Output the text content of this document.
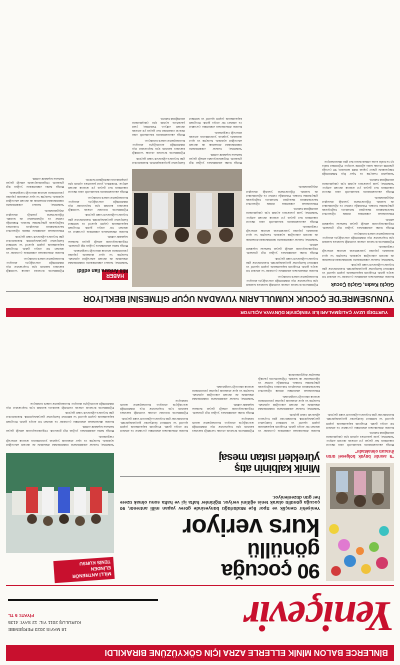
BİNLERCE BALON MİNİK ELLERLE AZRA İÇİN GÖKYÜZÜNE BIRAKILDI
Yeniçevir
18 MAYIS 2023 PERŞEMBE
KURULUŞ 2011 YIL: 12 SAYI: 4135
FİYATI: 5 TL

"5 asırdır büyük bölgesel ürün ihracatı olmaktadır"

Bölge ekonomisinin lokomotifi olan ihracat rakamları her geçen yıl artarak devam ediyor. Yetkililer, yeni pazarlara açılım için çalışmaların sürdüğünü belirtti.

Kentte düzenlenen etkinlikte çocuklar ve aileleri bir araya geldi. Program kapsamında çeşitli sportif ve kültürel faaliyetler gerçekleştirildi. Katılımcılar gün boyunca eğlenceli vakit geçirdi.

90 çocuğa
gönüllü
kurs veriyor
Yenişehir Gençlik ve Spor İlçe Müdürlüğü bünyesinde görev yapan milli antrenör, 90 çocuğa gönüllü olarak tenis eğitimi veriyor. Eğitimler hafta içi ve hafta sonu olmak üzere her gün düzenleniyor.
MİLLİ ANTRENÖR ELİNDEN
TENİS KURSU
Minik kalbinin atış
yürekleri ısıtan mesaj

Kentte düzenlenen etkinlikte çocuklar ve aileleri bir araya geldi. Program kapsamında çeşitli sportif ve kültürel faaliyetler gerçekleştirildi. Katılımcılar gün boyunca eğlenceli vakit geçirdi.

Yetkililer, benzer etkinliklerin önümüzdeki dönemde de devam edeceğini açıkladı. Gençlik ve spor alanında yapılan yatırımların artarak süreceği vurgulandı.

Düzenlenen etkinlikte minik öğrenciler hazırladıkları mesajları balonlara bağlayarak gökyüzüne bıraktı. Etkinliğe veliler ve öğretmenler de katıldı. Öğrencilerin yazdığı mesajlar duygulandırdı.

Eğitimlerin ücretsiz olarak verildiği kurslara katılım için başvurular ilçe müdürlüğü aracılığıyla alınıyor. Kontenjanlar sınırlı tutuluyor.

Bölge halkı etkinliklere yoğun ilgi gösterdi. Organizasyonda emeği geçen herkese teşekkür edildi.

Yetkililer, benzer etkinliklerin önümüzdeki dönemde de devam edeceğini açıkladı. Gençlik ve spor alanında yapılan yatırımların artarak süreceği vurgulandı.

Kentte düzenlenen etkinlikte çocuklar ve aileleri bir araya geldi. Program kapsamında çeşitli sportif ve kültürel faaliyetler gerçekleştirildi. Katılımcılar gün boyunca eğlenceli vakit geçirdi.

Eğitimlerin ücretsiz olarak verildiği kurslara katılım için başvurular ilçe müdürlüğü aracılığıyla alınıyor. Kontenjanlar sınırlı tutuluyor.

Yetkililer, benzer etkinliklerin önümüzdeki dönemde de devam edeceğini açıkladı. Gençlik ve spor alanında yapılan yatırımların artarak süreceği vurgulandı.

Bölge halkı etkinliklere yoğun ilgi gösterdi. Organizasyonda emeği geçen herkese teşekkür edildi.

Kentte düzenlenen etkinlikte çocuklar ve aileleri bir araya geldi. Program kapsamında çeşitli sportif ve kültürel faaliyetler gerçekleştirildi. Katılımcılar gün boyunca eğlenceli vakit geçirdi.

Eğitimlerin ücretsiz olarak verildiği kurslara katılım için başvurular ilçe müdürlüğü aracılığıyla alınıyor. Kontenjanlar sınırlı tutuluyor.

YURTDIŞI UZAY ÇALIŞMALARI İLE YENİÇEVİR DÜNYAYA AÇILIYOR
YUNUSEMRE'DE ÇOCUK KUMULLARIN YUVADAN UÇUP GİTMESİNİ BEKLİYOR

Güçlü Kadın, Güçlü Çocuk

Kentte düzenlenen etkinlikte çocuklar ve aileleri bir araya geldi. Program kapsamında çeşitli sportif ve kültürel faaliyetler gerçekleştirildi. Katılımcılar gün boyunca eğlenceli vakit geçirdi.

Yetkililer, benzer etkinliklerin önümüzdeki dönemde de devam edeceğini açıkladı. Gençlik ve spor alanında yapılan yatırımların artarak süreceği vurgulandı.

Eğitimlerin ücretsiz olarak verildiği kurslara katılım için başvurular ilçe müdürlüğü aracılığıyla alınıyor. Kontenjanlar sınırlı tutuluyor.

Bölge halkı etkinliklere yoğun ilgi gösterdi. Organizasyonda emeği geçen herkese teşekkür edildi.

Düzenlenen etkinlikte minik öğrenciler hazırladıkları mesajları balonlara bağlayarak gökyüzüne bıraktı. Etkinliğe veliler ve öğretmenler de katıldı. Öğrencilerin yazdığı mesajlar duygulandırdı.

Bölge ekonomisinin lokomotifi olan ihracat rakamları her geçen yıl artarak devam ediyor. Yetkililer, yeni pazarlara açılım için çalışmaların sürdüğünü belirtti.

Yenişehir Gençlik ve Spor İlçe Müdürlüğü bünyesinde görev yapan milli antrenör, 90 çocuğa gönüllü olarak tenis eğitimi veriyor. Eğitimler hafta içi ve hafta sonu olmak üzere her gün düzenleniyor.

Eğitimlerin ücretsiz olarak verildiği kurslara katılım için başvurular ilçe müdürlüğü aracılığıyla alınıyor. Kontenjanlar sınırlı tutuluyor.

Kentte düzenlenen etkinlikte çocuklar ve aileleri bir araya geldi. Program kapsamında çeşitli sportif ve kültürel faaliyetler gerçekleştirildi. Katılımcılar gün boyunca eğlenceli vakit geçirdi.

Bölge halkı etkinliklere yoğun ilgi gösterdi. Organizasyonda emeği geçen herkese teşekkür edildi.

Yetkililer, benzer etkinliklerin önümüzdeki dönemde de devam edeceğini açıkladı. Gençlik ve spor alanında yapılan yatırımların artarak süreceği vurgulandı.

Bölge ekonomisinin lokomotifi olan ihracat rakamları her geçen yıl artarak devam ediyor. Yetkililer, yeni pazarlara açılım için çalışmaların sürdüğünü belirtti.

Düzenlenen etkinlikte minik öğrenciler hazırladıkları mesajları balonlara bağlayarak gökyüzüne bıraktı. Etkinliğe veliler ve öğretmenler de katıldı. Öğrencilerin yazdığı mesajlar duygulandırdı.

HABER

Mili Ankara ilan edildi

Yetkililer, benzer etkinliklerin önümüzdeki dönemde de devam edeceğini açıkladı. Gençlik ve spor alanında yapılan yatırımların artarak süreceği vurgulandı.

Bölge halkı etkinliklere yoğun ilgi gösterdi. Organizasyonda emeği geçen herkese teşekkür edildi.

Kentte düzenlenen etkinlikte çocuklar ve aileleri bir araya geldi. Program kapsamında çeşitli sportif ve kültürel faaliyetler gerçekleştirildi. Katılımcılar gün boyunca eğlenceli vakit geçirdi.

Eğitimlerin ücretsiz olarak verildiği kurslara katılım için başvurular ilçe müdürlüğü aracılığıyla alınıyor. Kontenjanlar sınırlı tutuluyor.

Bölge ekonomisinin lokomotifi olan ihracat rakamları her geçen yıl artarak devam ediyor. Yetkililer, yeni pazarlara açılım için çalışmaların sürdüğünü belirtti.

Eğitimlerin ücretsiz olarak verildiği kurslara katılım için başvurular ilçe müdürlüğü aracılığıyla alınıyor. Kontenjanlar sınırlı tutuluyor.

Kentte düzenlenen etkinlikte çocuklar ve aileleri bir araya geldi. Program kapsamında çeşitli sportif ve kültürel faaliyetler gerçekleştirildi. Katılımcılar gün boyunca eğlenceli vakit geçirdi.

Düzenlenen etkinlikte minik öğrenciler hazırladıkları mesajları balonlara bağlayarak gökyüzüne bıraktı. Etkinliğe veliler ve öğretmenler de katıldı. Öğrencilerin yazdığı mesajlar duygulandırdı.

Yetkililer, benzer etkinliklerin önümüzdeki dönemde de devam edeceğini açıkladı. Gençlik ve spor alanında yapılan yatırımların artarak süreceği vurgulandı.

Bölge halkı etkinliklere yoğun ilgi gösterdi. Organizasyonda emeği geçen herkese teşekkür edildi.

Bölge halkı etkinliklere yoğun ilgi gösterdi. Organizasyonda emeği geçen herkese teşekkür edildi.

Yetkililer, benzer etkinliklerin önümüzdeki dönemde de devam edeceğini açıkladı. Gençlik ve spor alanında yapılan yatırımların artarak süreceği vurgulandı.

Kentte düzenlenen etkinlikte çocuklar ve aileleri bir araya geldi. Program kapsamında çeşitli sportif ve kültürel faaliyetler gerçekleştirildi. Katılımcılar gün boyunca eğlenceli vakit geçirdi.

Eğitimlerin ücretsiz olarak verildiği kurslara katılım için başvurular ilçe müdürlüğü aracılığıyla alınıyor. Kontenjanlar sınırlı tutuluyor.

Bölge ekonomisinin lokomotifi olan ihracat rakamları her geçen yıl artarak devam ediyor. Yetkililer, yeni pazarlara açılım için çalışmaların sürdüğünü belirtti.
